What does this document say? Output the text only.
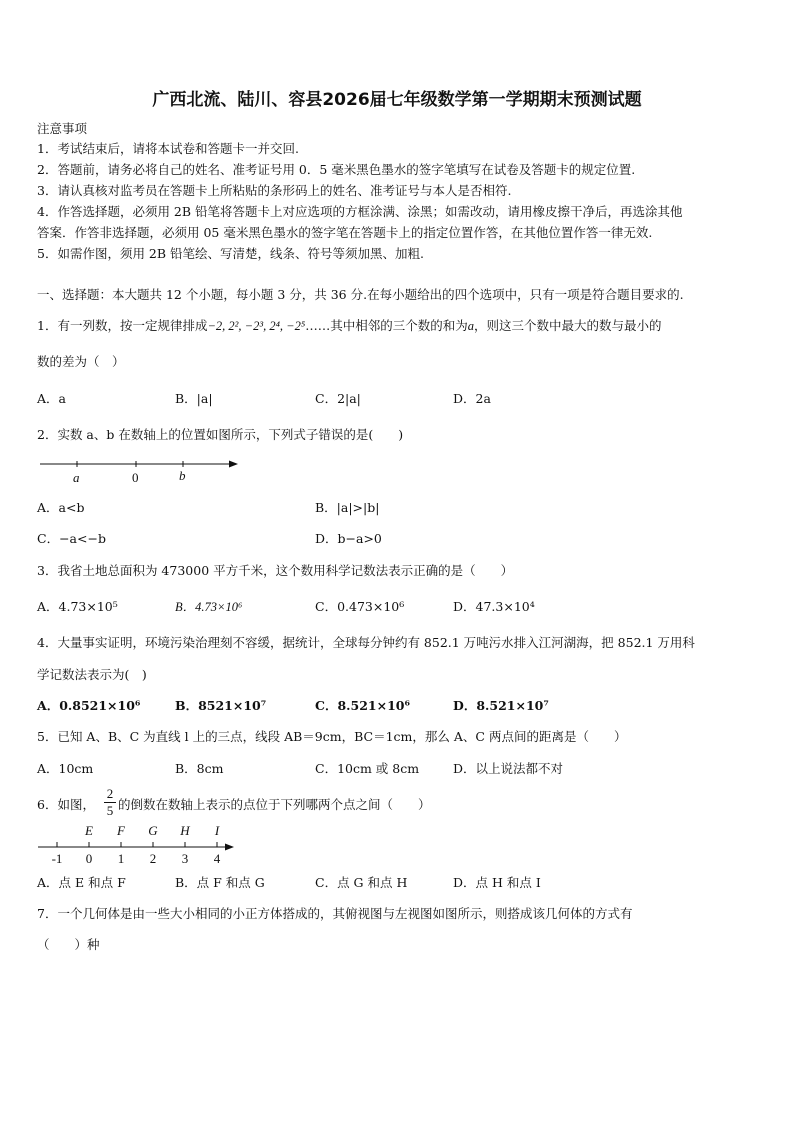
广西北流、陆川、容县2026届七年级数学第一学期期末预测试题
注意事项
1．考试结束后，请将本试卷和答题卡一并交回.
2．答题前，请务必将自己的姓名、准考证号用 0．5 毫米黑色墨水的签字笔填写在试卷及答题卡的规定位置.
3．请认真核对监考员在答题卡上所粘贴的条形码上的姓名、准考证号与本人是否相符.
4．作答选择题，必须用 2B 铅笔将答题卡上对应选项的方框涂满、涂黑；如需改动，请用橡皮擦干净后，再选涂其他
答案．作答非选择题，必须用 05 毫米黑色墨水的签字笔在答题卡上的指定位置作答，在其他位置作答一律无效.
5．如需作图，须用 2B 铅笔绘、写清楚，线条、符号等须加黑、加粗.
一、选择题：本大题共 12 个小题，每小题 3 分，共 36 分.在每小题给出的四个选项中，只有一项是符合题目要求的.
1．有一列数，按一定规律排成−2, 2², −2³, 2⁴, −2⁵……其中相邻的三个数的和为a，则这三个数中最大的数与最小的
数的差为（　）
A．a	B．|a|	C．2|a|	D．2a
2．实数 a、b 在数轴上的位置如图所示，下列式子错误的是(　　)
a	0	b
A．a<b	B．|a|>|b|
C．−a<−b	D．b−a>0
3．我省土地总面积为 473000 平方千米，这个数用科学记数法表示正确的是（　　）
A．4.73×10⁵	B．4.73×10⁶	C．0.473×10⁶	D．47.3×10⁴
4．大量事实证明，环境污染治理刻不容缓，据统计，全球每分钟约有 852.1 万吨污水排入江河湖海，把 852.1 万用科
学记数法表示为(　)
A．0.8521×10⁶	B．8521×10⁷	C．8.521×10⁶	D．8.521×10⁷
5．已知 A、B、C 为直线 l 上的三点，线段 AB＝9cm，BC＝1cm，那么 A、C 两点间的距离是（　　）
A．10cm	B．8cm	C．10cm 或 8cm	D．以上说法都不对
6．如图，
2
5 的倒数在数轴上表示的点位于下列哪两个点之间（　　）
-1 0 1 2 3 4
E F G H I
A．点 E 和点 F	B．点 F 和点 G	C．点 G 和点 H	D．点 H 和点 I
7．一个几何体是由一些大小相同的小正方体搭成的，其俯视图与左视图如图所示，则搭成该几何体的方式有
（　　）种
